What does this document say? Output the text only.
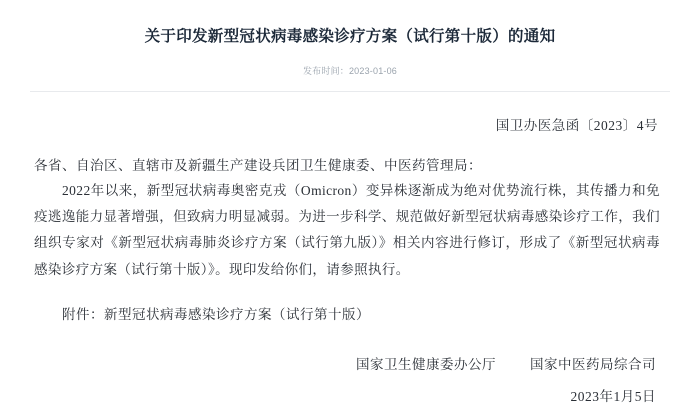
关于印发新型冠状病毒感染诊疗方案（试行第十版）的通知
发布时间：2023-01-06
国卫办医急函〔2023〕4号
各省、自治区、直辖市及新疆生产建设兵团卫生健康委、中医药管理局：
2022年以来，新型冠状病毒奥密克戎（Omicron）变异株逐渐成为绝对优势流行株，其传播力和免疫逃逸能力显著增强，但致病力明显减弱。为进一步科学、规范做好新型冠状病毒感染诊疗工作，我们组织专家对《新型冠状病毒肺炎诊疗方案（试行第九版）》相关内容进行修订，形成了《新型冠状病毒感染诊疗方案（试行第十版）》。现印发给你们，请参照执行。
附件：新型冠状病毒感染诊疗方案（试行第十版）
国家卫生健康委办公厅	国家中医药局综合司
2023年1月5日
